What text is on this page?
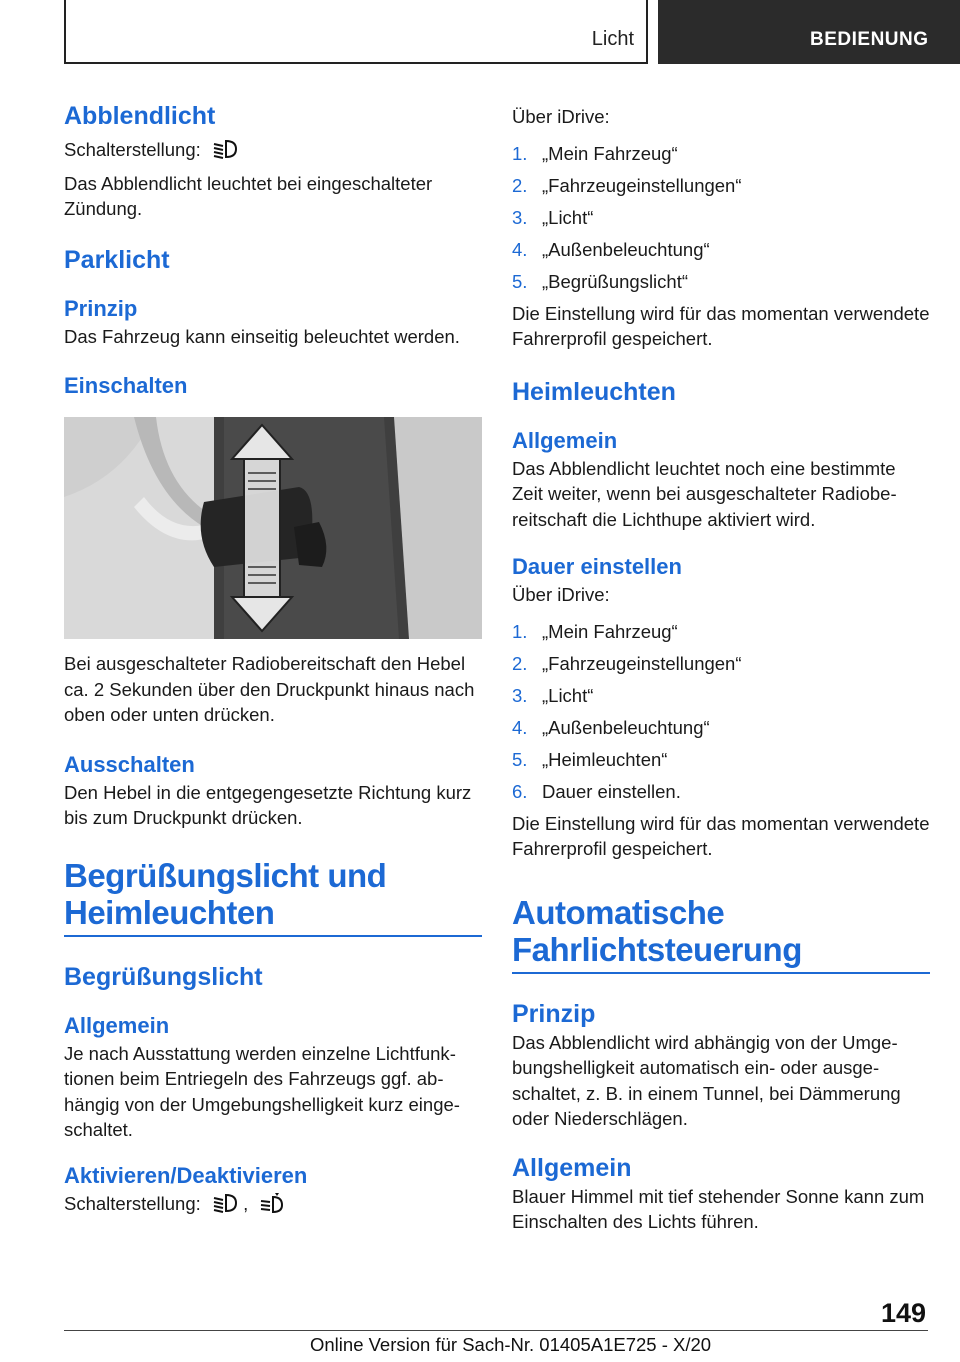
Licht	BEDIENUNG
Abblendlicht

Schalterstellung:

Das Abblendlicht leuchtet bei eingeschalteter Zündung.

Parklicht
Prinzip

Das Fahrzeug kann einseitig beleuchtet werden.

Einschalten

Bei ausgeschalteter Radiobereitschaft den Hebel ca. 2 Sekunden über den Druckpunkt hinaus nach oben oder unten drücken.

Ausschalten

Den Hebel in die entgegengesetzte Richtung kurz bis zum Druckpunkt drücken.

Begrüßungslicht und Heimleuchten
Begrüßungslicht
Allgemein

Je nach Ausstattung werden einzelne Lichtfunktionen beim Entriegeln des Fahrzeugs ggf. abhängig von der Umgebungshelligkeit kurz eingeschaltet.

Aktivieren/Deaktivieren

Schalterstellung: ,

Über iDrive:

1. „Mein Fahrzeug“
2. „Fahrzeugeinstellungen“
3. „Licht“
4. „Außenbeleuchtung“
5. „Begrüßungslicht“

Die Einstellung wird für das momentan verwendete Fahrerprofil gespeichert.

Heimleuchten
Allgemein

Das Abblendlicht leuchtet noch eine bestimmte Zeit weiter, wenn bei ausgeschalteter Radiobereitschaft die Lichthupe aktiviert wird.

Dauer einstellen

Über iDrive:

1. „Mein Fahrzeug“
2. „Fahrzeugeinstellungen“
3. „Licht“
4. „Außenbeleuchtung“
5. „Heimleuchten“
6. Dauer einstellen.

Die Einstellung wird für das momentan verwendete Fahrerprofil gespeichert.

Automatische Fahrlichtsteuerung
Prinzip

Das Abblendlicht wird abhängig von der Umgebungshelligkeit automatisch ein- oder ausgeschaltet, z. B. in einem Tunnel, bei Dämmerung oder Niederschlägen.

Allgemein

Blauer Himmel mit tief stehender Sonne kann zum Einschalten des Lichts führen.

149
Online Version für Sach-Nr. 01405A1E725 - X/20
